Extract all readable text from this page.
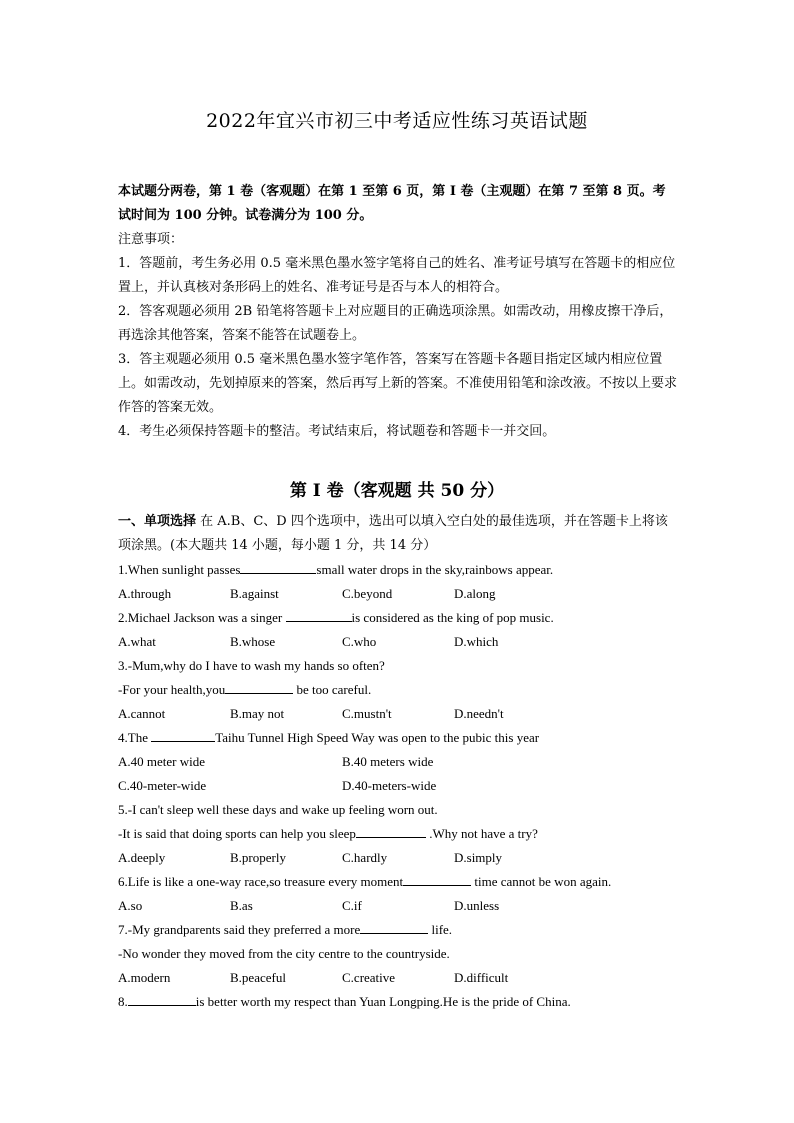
2022年宜兴市初三中考适应性练习英语试题

本试题分两卷，第 1 卷（客观题）在第 1 至第 6 页，第 I 卷（主观题）在第 7 至第 8 页。考试时间为 100 分钟。试卷满分为 100 分。

注意事项：

1．答题前，考生务必用 0.5 毫米黑色墨水签字笔将自己的姓名、准考证号填写在答题卡的相应位置上，并认真核对条形码上的姓名、准考证号是否与本人的相符合。

2．答客观题必须用 2B 铅笔将答题卡上对应题目的正确选项涂黑。如需改动，用橡皮擦干净后，再选涂其他答案，答案不能答在试题卷上。

3．答主观题必须用 0.5 毫米黑色墨水签字笔作答，答案写在答题卡各题目指定区域内相应位置上。如需改动，先划掉原来的答案，然后再写上新的答案。不准使用铅笔和涂改液。不按以上要求作答的答案无效。

4．考生必须保持答题卡的整洁。考试结束后，将试题卷和答题卡一并交回。

第 I 卷（客观题 共 50 分）

一、单项选择 在 A.B、C、D 四个选项中，选出可以填入空白处的最佳选项，并在答题卡上将该项涂黑。(本大题共 14 小题，每小题 1 分，共 14 分）

1.When sunlight passes	small water drops in the sky,rainbows appear.
A.through	B.against	C.beyond	D.along
2.Michael Jackson was a singer	is considered as the king of pop music.
A.what	B.whose	C.who	D.which
3.-Mum,why do I have to wash my hands so often?
-For your health,you	be too careful.
A.cannot	B.may not	C.mustn't	D.needn't
4.The	Taihu Tunnel High Speed Way was open to the pubic this year
A.40 meter wide	B.40 meters wide
C.40-meter-wide	D.40-meters-wide
5.-I can't sleep well these days and wake up feeling worn out.
-It is said that doing sports can help you sleep	.Why not have a try?
A.deeply	B.properly	C.hardly	D.simply
6.Life is like a one-way race,so treasure every moment	time cannot be won again.
A.so	B.as	C.if	D.unless
7.-My grandparents said they preferred a more	life.
-No wonder they moved from the city centre to the countryside.
A.modern	B.peaceful	C.creative	D.difficult
8.	is better worth my respect than Yuan Longping.He is the pride of China.
